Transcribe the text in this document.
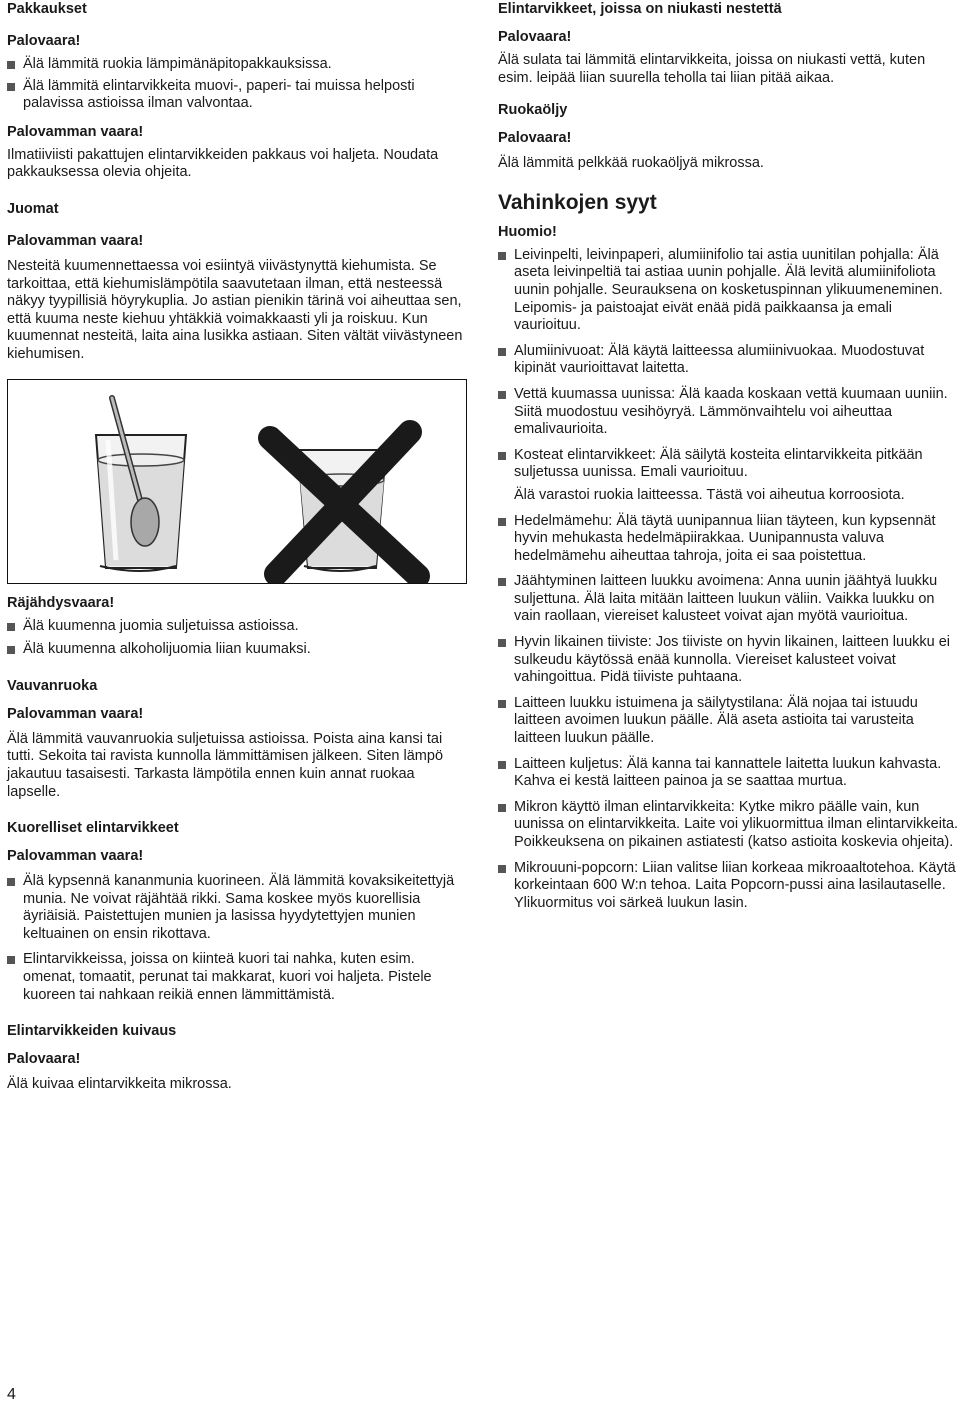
Pakkaukset
Palovaara!
Älä lämmitä ruokia lämpimänäpitopakkauksissa.
Älä lämmitä elintarvikkeita muovi-, paperi- tai muissa helposti palavissa astioissa ilman valvontaa.
Palovamman vaara!

Ilmatiiviisti pakattujen elintarvikkeiden pakkaus voi haljeta. Noudata pakkauksessa olevia ohjeita.

Juomat
Palovamman vaara!

Nesteitä kuumennettaessa voi esiintyä viivästynyttä kiehumista. Se tarkoittaa, että kiehumislämpötila saavutetaan ilman, että nesteessä näkyy tyypillisiä höyrykuplia. Jo astian pienikin tärinä voi aiheuttaa sen, että kuuma neste kiehuu yhtäkkiä voimakkaasti yli ja roiskuu. Kun kuumennat nesteitä, laita aina lusikka astiaan. Siten vältät viivästyneen kiehumisen.

Räjähdysvaara!
Älä kuumenna juomia suljetuissa astioissa.
Älä kuumenna alkoholijuomia liian kuumaksi.
Vauvanruoka
Palovamman vaara!

Älä lämmitä vauvanruokia suljetuissa astioissa. Poista aina kansi tai tutti. Sekoita tai ravista kunnolla lämmittämisen jälkeen. Siten lämpö jakautuu tasaisesti. Tarkasta lämpötila ennen kuin annat ruokaa lapselle.

Kuorelliset elintarvikkeet
Palovamman vaara!
Älä kypsennä kananmunia kuorineen. Älä lämmitä kovaksikeitettyjä munia. Ne voivat räjähtää rikki. Sama koskee myös kuorellisia äyriäisiä. Paistettujen munien ja lasissa hyydytettyjen munien keltuainen on ensin rikottava.
Elintarvikkeissa, joissa on kiinteä kuori tai nahka, kuten esim. omenat, tomaatit, perunat tai makkarat, kuori voi haljeta. Pistele kuoreen tai nahkaan reikiä ennen lämmittämistä.
Elintarvikkeiden kuivaus
Palovaara!

Älä kuivaa elintarvikkeita mikrossa.

Elintarvikkeet, joissa on niukasti nestettä
Palovaara!

Älä sulata tai lämmitä elintarvikkeita, joissa on niukasti vettä, kuten esim. leipää liian suurella teholla tai liian pitää aikaa.

Ruokaöljy
Palovaara!

Älä lämmitä pelkkää ruokaöljyä mikrossa.

Vahinkojen syyt
Huomio!
Leivinpelti, leivinpaperi, alumiinifolio tai astia uunitilan pohjalla: Älä aseta leivinpeltiä tai astiaa uunin pohjalle. Älä levitä alumiinifoliota uunin pohjalle. Seurauksena on kosketuspinnan ylikuumeneminen. Leipomis- ja paistoajat eivät enää pidä paikkaansa ja emali vaurioituu.
Alumiinivuoat: Älä käytä laitteessa alumiinivuokaa. Muodostuvat kipinät vaurioittavat laitetta.
Vettä kuumassa uunissa: Älä kaada koskaan vettä kuumaan uuniin. Siitä muodostuu vesihöyryä. Lämmönvaihtelu voi aiheuttaa emalivaurioita.
Kosteat elintarvikkeet: Älä säilytä kosteita elintarvikkeita pitkään suljetussa uunissa. Emali vaurioituu.
Älä varastoi ruokia laitteessa. Tästä voi aiheutua korroosiota.
Hedelmämehu: Älä täytä uunipannua liian täyteen, kun kypsennät hyvin mehukasta hedelmäpiirakkaa. Uunipannusta valuva hedelmämehu aiheuttaa tahroja, joita ei saa poistettua.
Jäähtyminen laitteen luukku avoimena: Anna uunin jäähtyä luukku suljettuna. Älä laita mitään laitteen luukun väliin. Vaikka luukku on vain raollaan, viereiset kalusteet voivat ajan myötä vaurioitua.
Hyvin likainen tiiviste: Jos tiiviste on hyvin likainen, laitteen luukku ei sulkeudu käytössä enää kunnolla. Viereiset kalusteet voivat vahingoittua. Pidä tiiviste puhtaana.
Laitteen luukku istuimena ja säilytystilana: Älä nojaa tai istuudu laitteen avoimen luukun päälle. Älä aseta astioita tai varusteita laitteen luukun päälle.
Laitteen kuljetus: Älä kanna tai kannattele laitetta luukun kahvasta. Kahva ei kestä laitteen painoa ja se saattaa murtua.
Mikron käyttö ilman elintarvikkeita: Kytke mikro päälle vain, kun uunissa on elintarvikkeita. Laite voi ylikuormittua ilman elintarvikkeita. Poikkeuksena on pikainen astiatesti (katso astioita koskevia ohjeita).
Mikrouuni-popcorn: Liian valitse liian korkeaa mikroaaltotehoa. Käytä korkeintaan 600 W:n tehoa. Laita Popcorn-pussi aina lasilautaselle. Ylikuormitus voi särkeä luukun lasin.
4
